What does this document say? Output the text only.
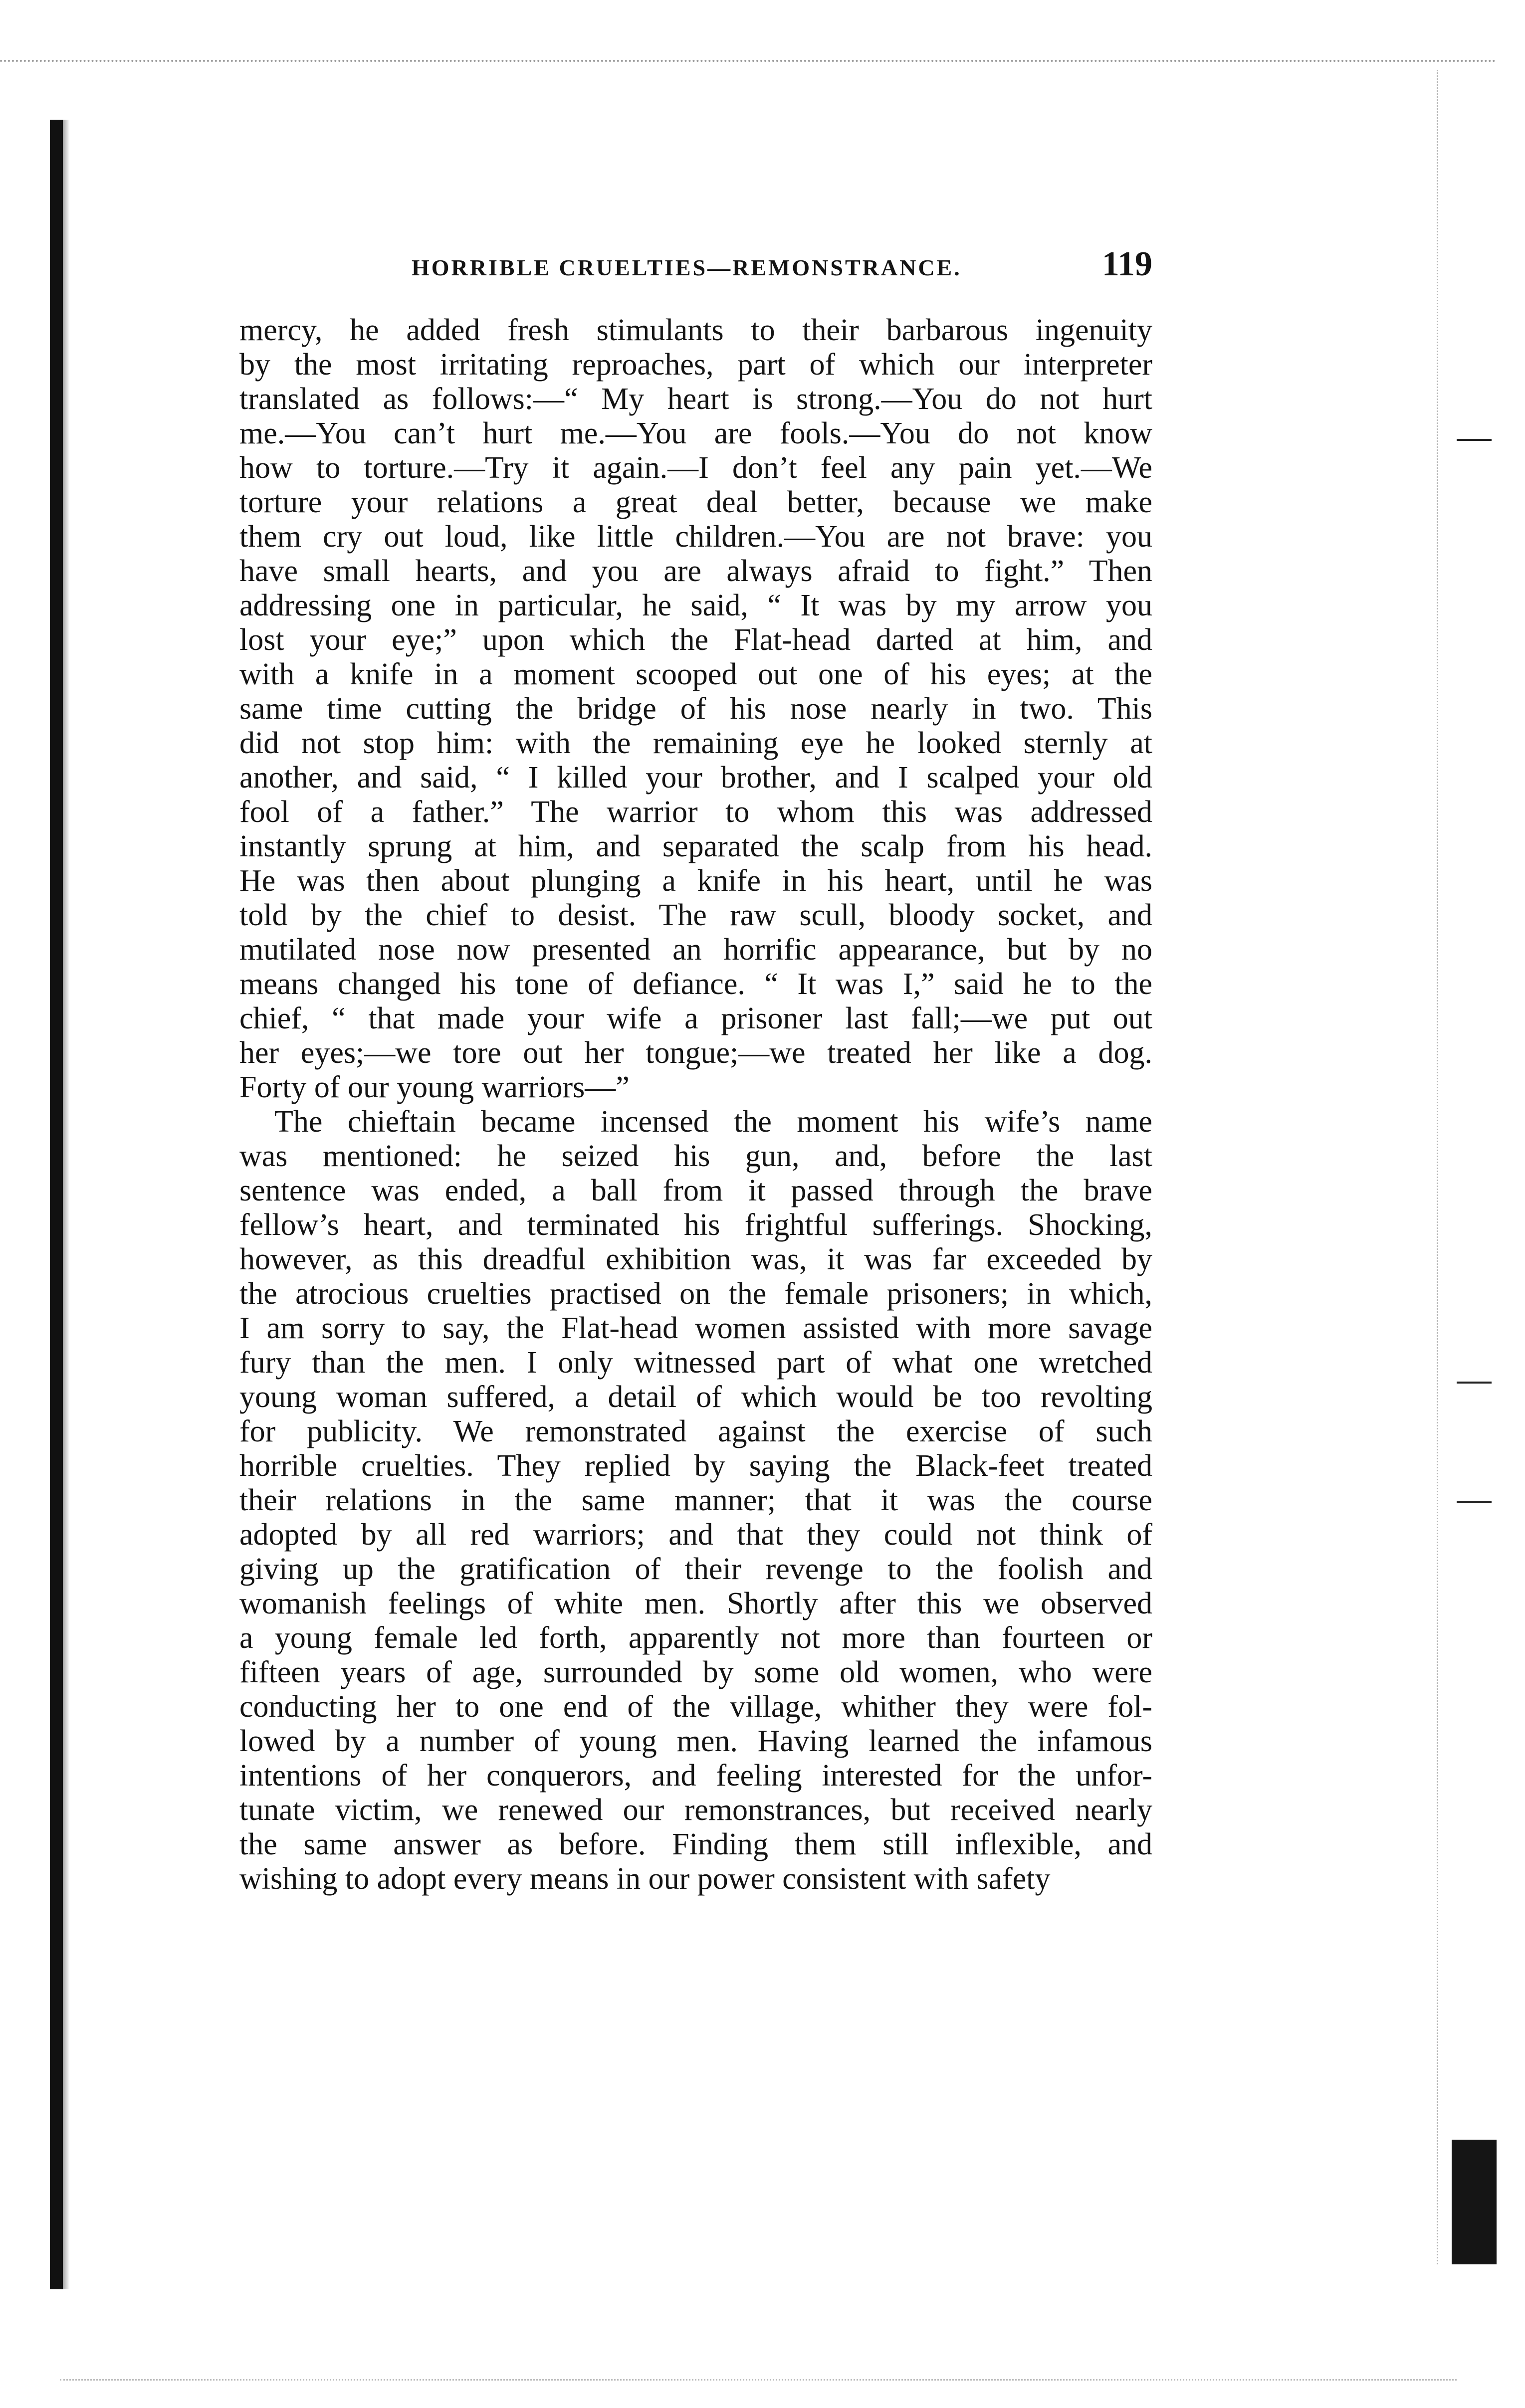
HORRIBLE CRUELTIES—REMONSTRANCE.	119
mercy, he added fresh stimulants to their barbarous ingenuity
by the most irritating reproaches, part of which our interpreter
translated as follows:—“ My heart is strong.—You do not hurt
me.—You can’t hurt me.—You are fools.—You do not know
how to torture.—Try it again.—I don’t feel any pain yet.—We
torture your relations a great deal better, because we make
them cry out loud, like little children.—You are not brave: you
have small hearts, and you are always afraid to fight.” Then
addressing one in particular, he said, “ It was by my arrow you
lost your eye;” upon which the Flat-head darted at him, and
with a knife in a moment scooped out one of his eyes; at the
same time cutting the bridge of his nose nearly in two. This
did not stop him: with the remaining eye he looked sternly at
another, and said, “ I killed your brother, and I scalped your old
fool of a father.” The warrior to whom this was addressed
instantly sprung at him, and separated the scalp from his head.
He was then about plunging a knife in his heart, until he was
told by the chief to desist. The raw scull, bloody socket, and
mutilated nose now presented an horrific appearance, but by no
means changed his tone of defiance. “ It was I,” said he to the
chief, “ that made your wife a prisoner last fall;—we put out
her eyes;—we tore out her tongue;—we treated her like a dog.
Forty of our young warriors—”
The chieftain became incensed the moment his wife’s name
was mentioned: he seized his gun, and, before the last
sentence was ended, a ball from it passed through the brave
fellow’s heart, and terminated his frightful sufferings. Shocking,
however, as this dreadful exhibition was, it was far exceeded by
the atrocious cruelties practised on the female prisoners; in which,
I am sorry to say, the Flat-head women assisted with more savage
fury than the men. I only witnessed part of what one wretched
young woman suffered, a detail of which would be too revolting
for publicity. We remonstrated against the exercise of such
horrible cruelties. They replied by saying the Black-feet treated
their relations in the same manner; that it was the course
adopted by all red warriors; and that they could not think of
giving up the gratification of their revenge to the foolish and
womanish feelings of white men. Shortly after this we observed
a young female led forth, apparently not more than fourteen or
fifteen years of age, surrounded by some old women, who were
conducting her to one end of the village, whither they were fol-
lowed by a number of young men. Having learned the infamous
intentions of her conquerors, and feeling interested for the unfor-
tunate victim, we renewed our remonstrances, but received nearly
the same answer as before. Finding them still inflexible, and
wishing to adopt every means in our power consistent with safety
